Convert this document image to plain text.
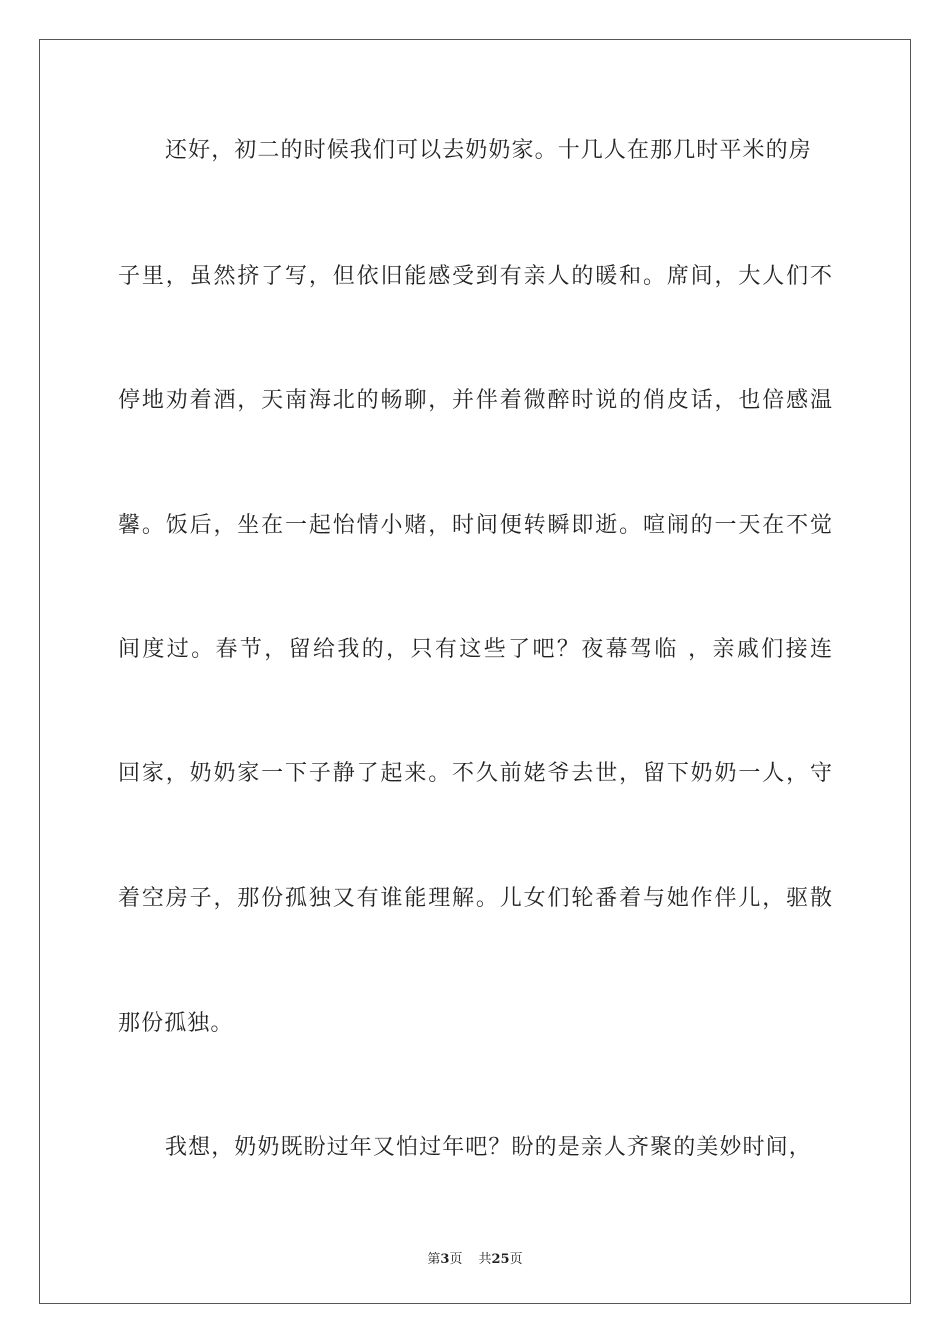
还好，初二的时候我们可以去奶奶家。十几人在那几时平米的房
子里，虽然挤了写，但依旧能感受到有亲人的暖和。席间，大人们不
停地劝着酒，天南海北的畅聊，并伴着微醉时说的俏皮话，也倍感温
馨。饭后，坐在一起怡情小赌，时间便转瞬即逝。喧闹的一天在不觉
间度过。春节，留给我的，只有这些了吧？夜幕驾临 ，亲戚们接连
回家，奶奶家一下子静了起来。不久前姥爷去世，留下奶奶一人，守
着空房子，那份孤独又有谁能理解。儿女们轮番着与她作伴儿，驱散
那份孤独。
我想，奶奶既盼过年又怕过年吧？盼的是亲人齐聚的美妙时间，
第3页 共25页
